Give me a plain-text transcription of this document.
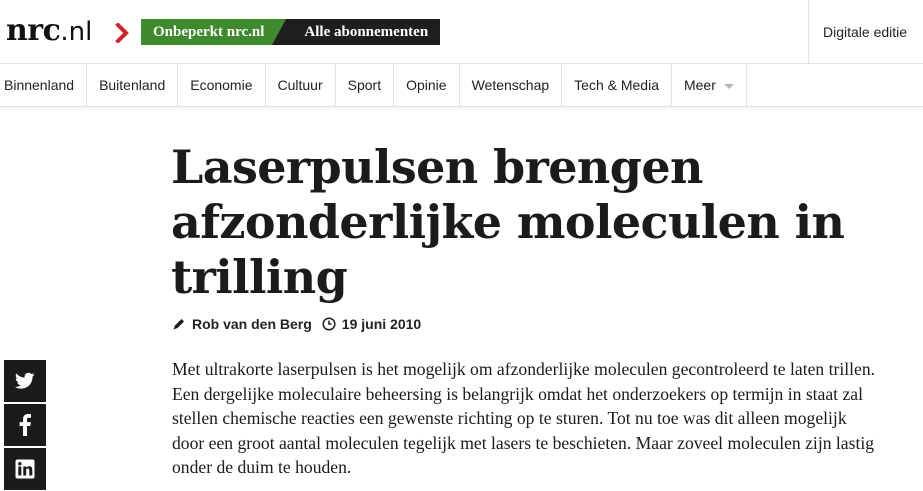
nrc .nl	Onbeperkt nrc.nl	Alle abonnementen	Digitale editie
Binnenland	Buitenland	Economie	Cultuur	Sport	Opinie	Wetenschap	Tech & Media	Meer
Laserpulsen brengen afzonderlijke moleculen in trilling
Rob van den Berg 19 juni 2010

Met ultrakorte laserpulsen is het mogelijk om afzonderlijke moleculen gecontroleerd te laten trillen. Een dergelijke moleculaire beheersing is belangrijk omdat het onderzoekers op termijn in staat zal stellen chemische reacties een gewenste richting op te sturen. Tot nu toe was dit alleen mogelijk door een groot aantal moleculen tegelijk met lasers te beschieten. Maar zoveel moleculen zijn lastig onder de duim te houden.
